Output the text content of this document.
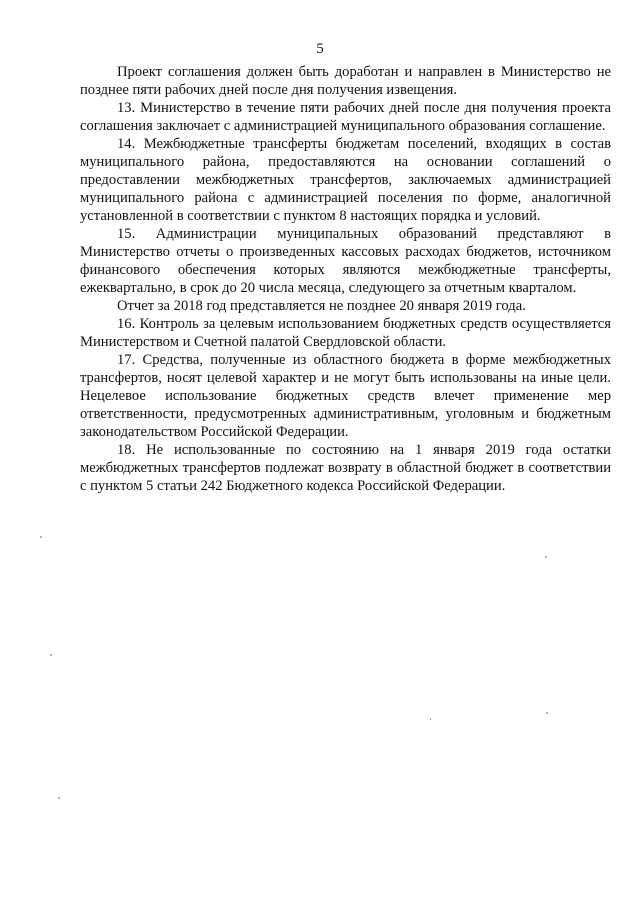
5

Проект соглашения должен быть доработан и направлен в Министерство не позднее пяти рабочих дней после дня получения извещения.

13. Министерство в течение пяти рабочих дней после дня получения проекта соглашения заключает с администрацией муниципального образования соглашение.

14. Межбюджетные трансферты бюджетам поселений, входящих в состав муниципального района, предоставляются на основании соглашений о предоставлении межбюджетных трансфертов, заключаемых администрацией муниципального района с администрацией поселения по форме, аналогичной установленной в соответствии с пунктом 8 настоящих порядка и условий.

15. Администрации муниципальных образований представляют в Министерство отчеты о произведенных кассовых расходах бюджетов, источником финансового обеспечения которых являются межбюджетные трансферты, ежеквартально, в срок до 20 числа месяца, следующего за отчетным кварталом.

Отчет за 2018 год представляется не позднее 20 января 2019 года.

16. Контроль за целевым использованием бюджетных средств осуществляется Министерством и Счетной палатой Свердловской области.

17. Средства, полученные из областного бюджета в форме межбюджетных трансфертов, носят целевой характер и не могут быть использованы на иные цели. Нецелевое использование бюджетных средств влечет применение мер ответственности, предусмотренных административным, уголовным и бюджетным законодательством Российской Федерации.

18. Не использованные по состоянию на 1 января 2019 года остатки межбюджетных трансфертов подлежат возврату в областной бюджет в соответствии с пунктом 5 статьи 242 Бюджетного кодекса Российской Федерации.
